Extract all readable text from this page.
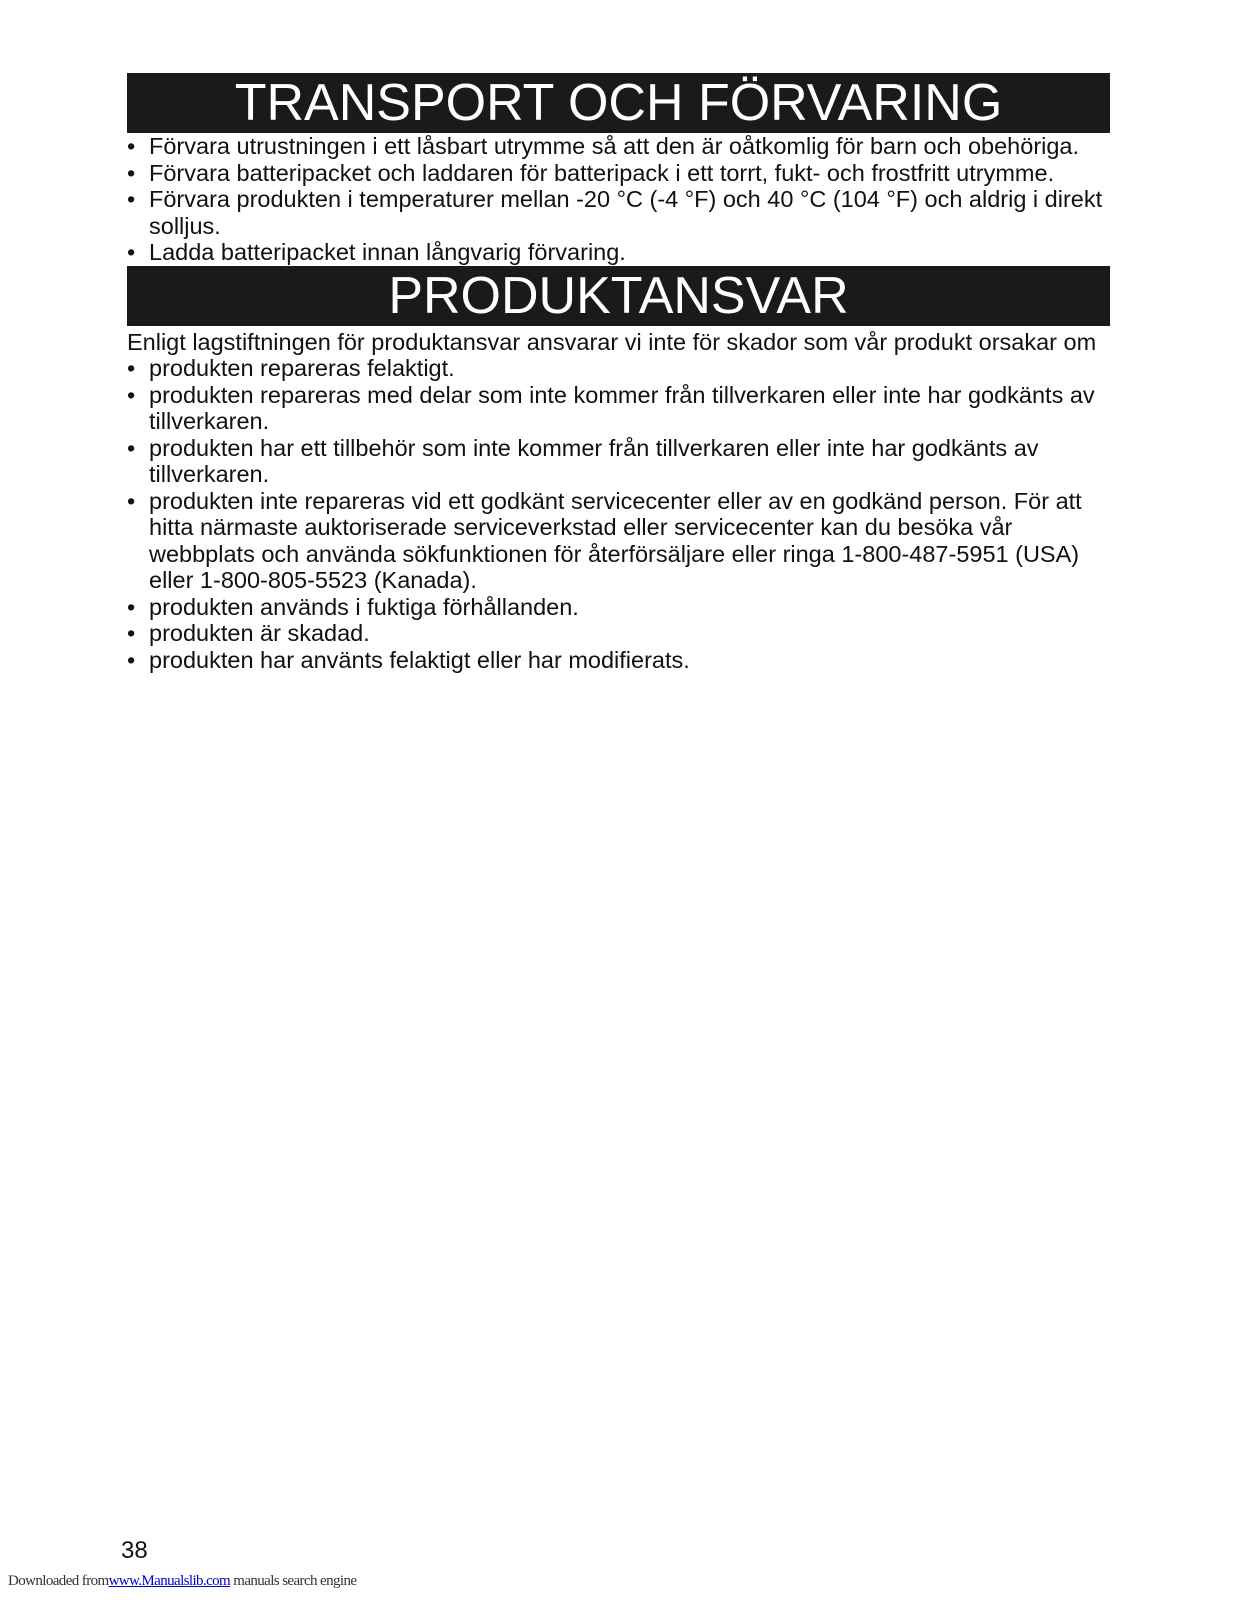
TRANSPORT OCH FÖRVARING
• Förvara utrustningen i ett låsbart utrymme så att den är oåtkomlig för barn och obehöriga.
• Förvara batteripacket och laddaren för batteripack i ett torrt, fukt- och frostfritt utrymme.
• Förvara produkten i temperaturer mellan -20 °C (-4 °F) och 40 °C (104 °F) och aldrig i direkt solljus.
• Ladda batteripacket innan långvarig förvaring.
PRODUKTANSVAR

Enligt lagstiftningen för produktansvar ansvarar vi inte för skador som vår produkt orsakar om

• produkten repareras felaktigt.
• produkten repareras med delar som inte kommer från tillverkaren eller inte har godkänts av tillverkaren.
• produkten har ett tillbehör som inte kommer från tillverkaren eller inte har godkänts av tillverkaren.
• produkten inte repareras vid ett godkänt servicecenter eller av en godkänd person. För att hitta närmaste auktoriserade serviceverkstad eller servicecenter kan du besöka vår webbplats och använda sökfunktionen för återförsäljare eller ringa 1-800-487-5951 (USA) eller 1-800-805-5523 (Kanada).
• produkten används i fuktiga förhållanden.
• produkten är skadad.
• produkten har använts felaktigt eller har modifierats.
38
Downloaded fromwww.Manualslib.com manuals search engine
